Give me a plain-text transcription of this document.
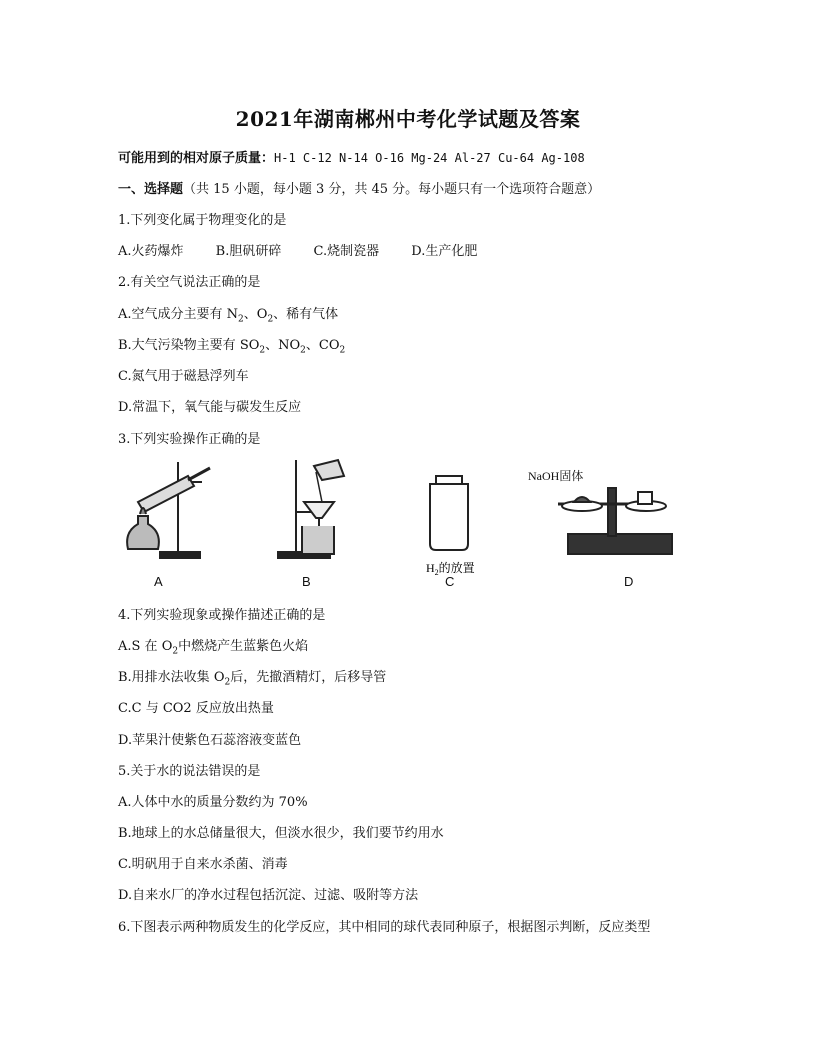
2021年湖南郴州中考化学试题及答案
可能用到的相对原子质量：H-1 C-12 N-14 O-16 Mg-24 Al-27 Cu-64 Ag-108
一、选择题（共 15 小题，每小题 3 分，共 45 分。每小题只有一个选项符合题意）
1.下列变化属于物理变化的是
A.火药爆炸 B.胆矾研碎 C.烧制瓷器 D.生产化肥
2.有关空气说法正确的是
A.空气成分主要有 $N_2$、$O_2$、稀有气体
B.大气污染物主要有 $SO_2$、$NO_2$、$CO_2$
C.氮气用于磁悬浮列车
D.常温下，氧气能与碳发生反应
3.下列实验操作正确的是
$H_2$的放置
NaOH固体
A	B	C	D
4.下列实验现象或操作描述正确的是
A.S 在 $O_2$中燃烧产生蓝紫色火焰
B.用排水法收集 $O_2$后，先撤酒精灯，后移导管
C.C 与 CO2 反应放出热量
D.苹果汁使紫色石蕊溶液变蓝色
5.关于水的说法错误的是
A.人体中水的质量分数约为 70%
B.地球上的水总储量很大，但淡水很少，我们要节约用水
C.明矾用于自来水杀菌、消毒
D.自来水厂的净水过程包括沉淀、过滤、吸附等方法
6.下图表示两种物质发生的化学反应，其中相同的球代表同种原子，根据图示判断，反应类型
